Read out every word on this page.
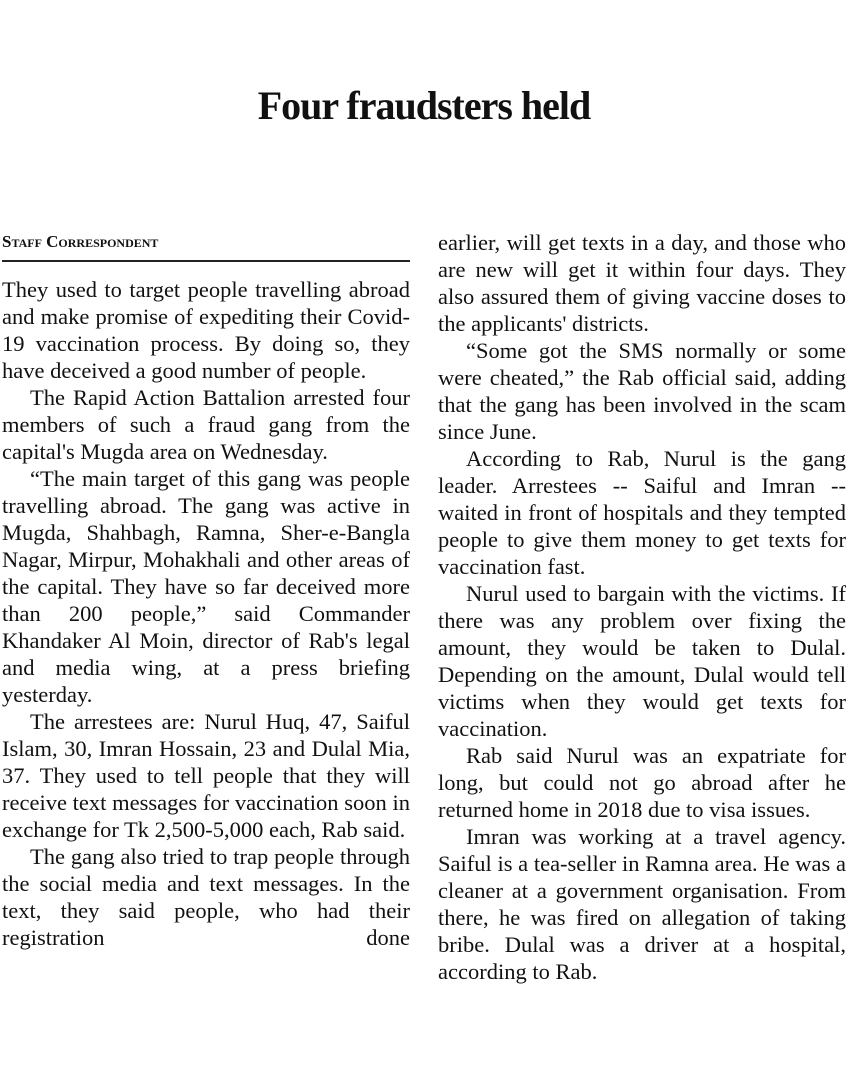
Four fraudsters held
Staff Correspondent

They used to target people travelling abroad and make promise of expediting their Covid-19 vaccination process. By doing so, they have deceived a good number of people.

The Rapid Action Battalion arrested four members of such a fraud gang from the capital's Mugda area on Wednesday.

“The main target of this gang was people travelling abroad. The gang was active in Mugda, Shahbagh, Ramna, Sher-e-Bangla Nagar, Mirpur, Mohakhali and other areas of the capital. They have so far deceived more than 200 people,” said Commander Khandaker Al Moin, director of Rab's legal and media wing, at a press briefing yesterday.

The arrestees are: Nurul Huq, 47, Saiful Islam, 30, Imran Hossain, 23 and Dulal Mia, 37. They used to tell people that they will receive text messages for vaccination soon in exchange for Tk 2,500-5,000 each, Rab said.

The gang also tried to trap people through the social media and text messages. In the text, they said people, who had their registration done

earlier, will get texts in a day, and those who are new will get it within four days. They also assured them of giving vaccine doses to the applicants' districts.

“Some got the SMS normally or some were cheated,” the Rab official said, adding that the gang has been involved in the scam since June.

According to Rab, Nurul is the gang leader. Arrestees -- Saiful and Imran -- waited in front of hospitals and they tempted people to give them money to get texts for vaccination fast.

Nurul used to bargain with the victims. If there was any problem over fixing the amount, they would be taken to Dulal. Depending on the amount, Dulal would tell victims when they would get texts for vaccination.

Rab said Nurul was an expatriate for long, but could not go abroad after he returned home in 2018 due to visa issues.

Imran was working at a travel agency. Saiful is a tea-seller in Ramna area. He was a cleaner at a government organisation. From there, he was fired on allegation of taking bribe. Dulal was a driver at a hospital, according to Rab.
